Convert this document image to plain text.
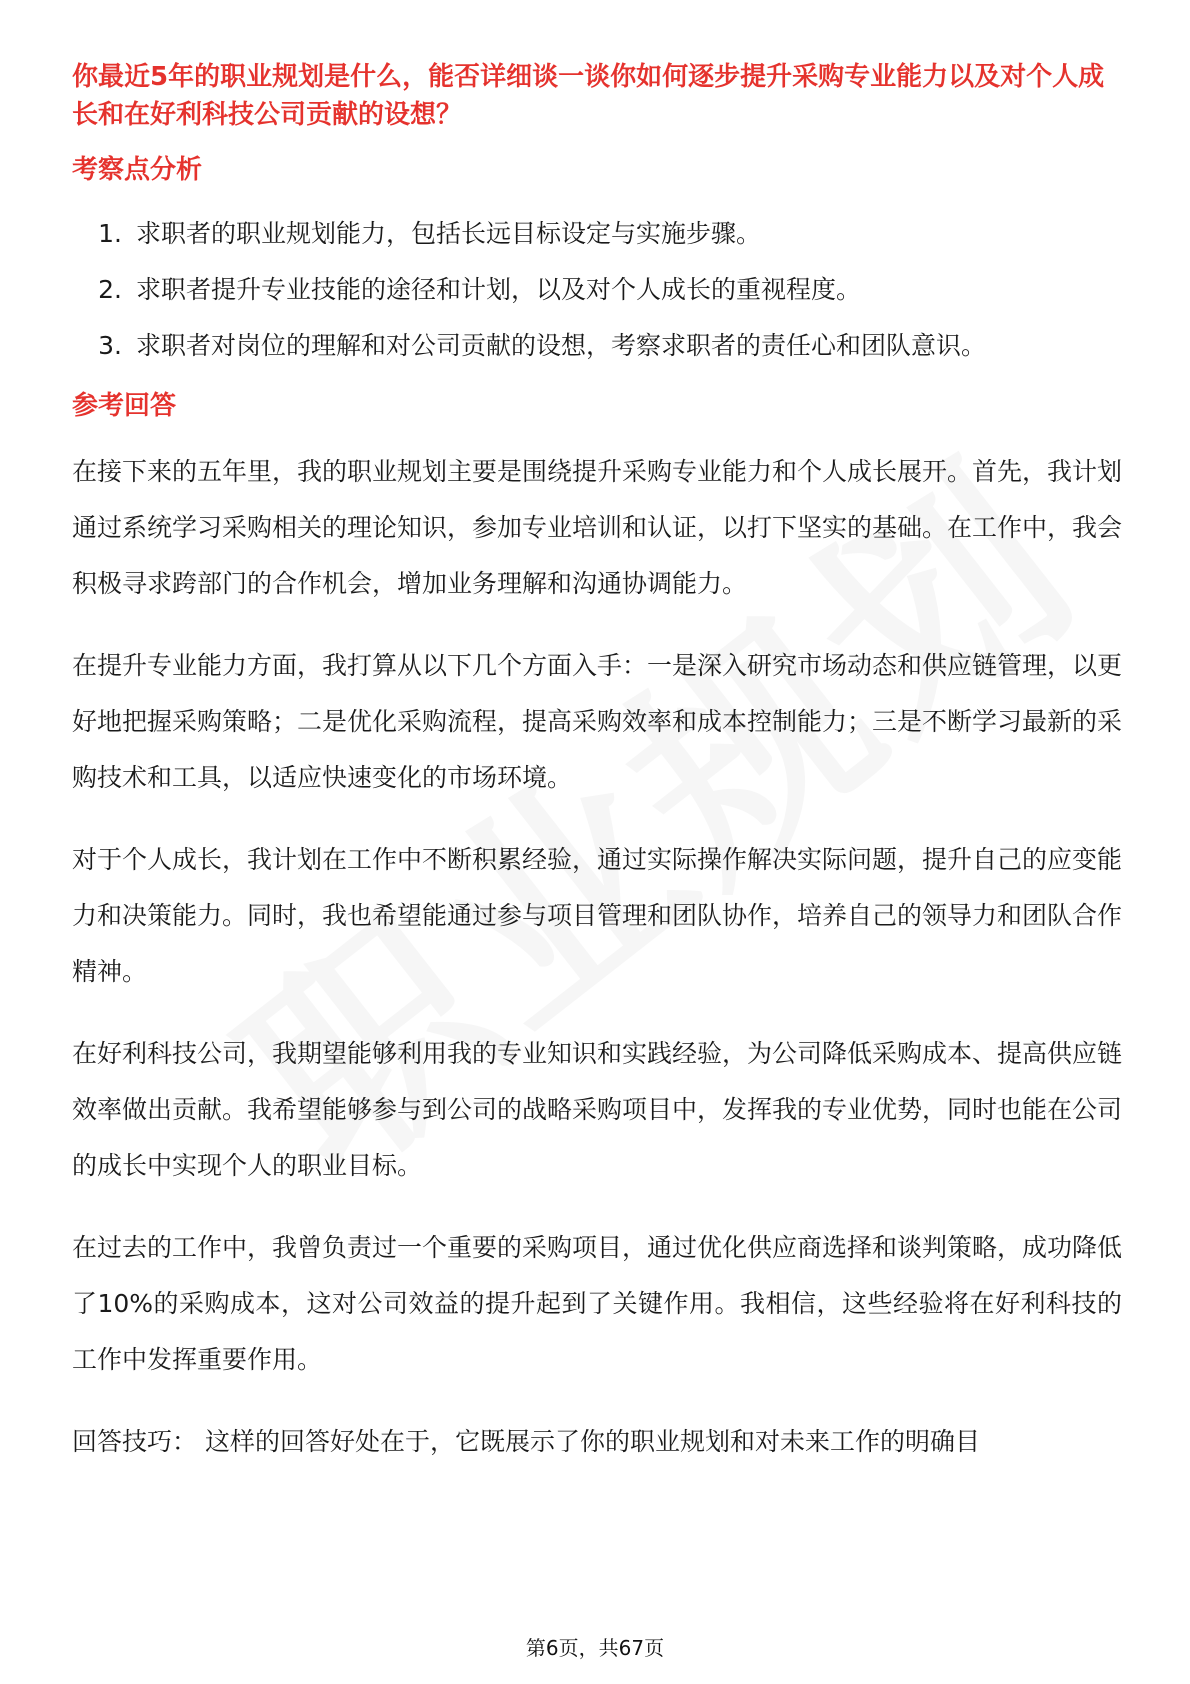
你最近5年的职业规划是什么，能否详细谈一谈你如何逐步提升采购专业能力以及对个人成长和在好利科技公司贡献的设想？

考察点分析
1. 求职者的职业规划能力，包括长远目标设定与实施步骤。
2. 求职者提升专业技能的途径和计划，以及对个人成长的重视程度。
3. 求职者对岗位的理解和对公司贡献的设想，考察求职者的责任心和团队意识。
参考回答

在接下来的五年里，我的职业规划主要是围绕提升采购专业能力和个人成长展开。首先，我计划通过系统学习采购相关的理论知识，参加专业培训和认证，以打下坚实的基础。在工作中，我会积极寻求跨部门的合作机会，增加业务理解和沟通协调能力。

在提升专业能力方面，我打算从以下几个方面入手：一是深入研究市场动态和供应链管理，以更好地把握采购策略；二是优化采购流程，提高采购效率和成本控制能力；三是不断学习最新的采购技术和工具，以适应快速变化的市场环境。

对于个人成长，我计划在工作中不断积累经验，通过实际操作解决实际问题，提升自己的应变能力和决策能力。同时，我也希望能通过参与项目管理和团队协作，培养自己的领导力和团队合作精神。

在好利科技公司，我期望能够利用我的专业知识和实践经验，为公司降低采购成本、提高供应链效率做出贡献。我希望能够参与到公司的战略采购项目中，发挥我的专业优势，同时也能在公司的成长中实现个人的职业目标。

在过去的工作中，我曾负责过一个重要的采购项目，通过优化供应商选择和谈判策略，成功降低了10%的采购成本，这对公司效益的提升起到了关键作用。我相信，这些经验将在好利科技的工作中发挥重要作用。

回答技巧： 这样的回答好处在于，它既展示了你的职业规划和对未来工作的明确目

第6页，共67页
